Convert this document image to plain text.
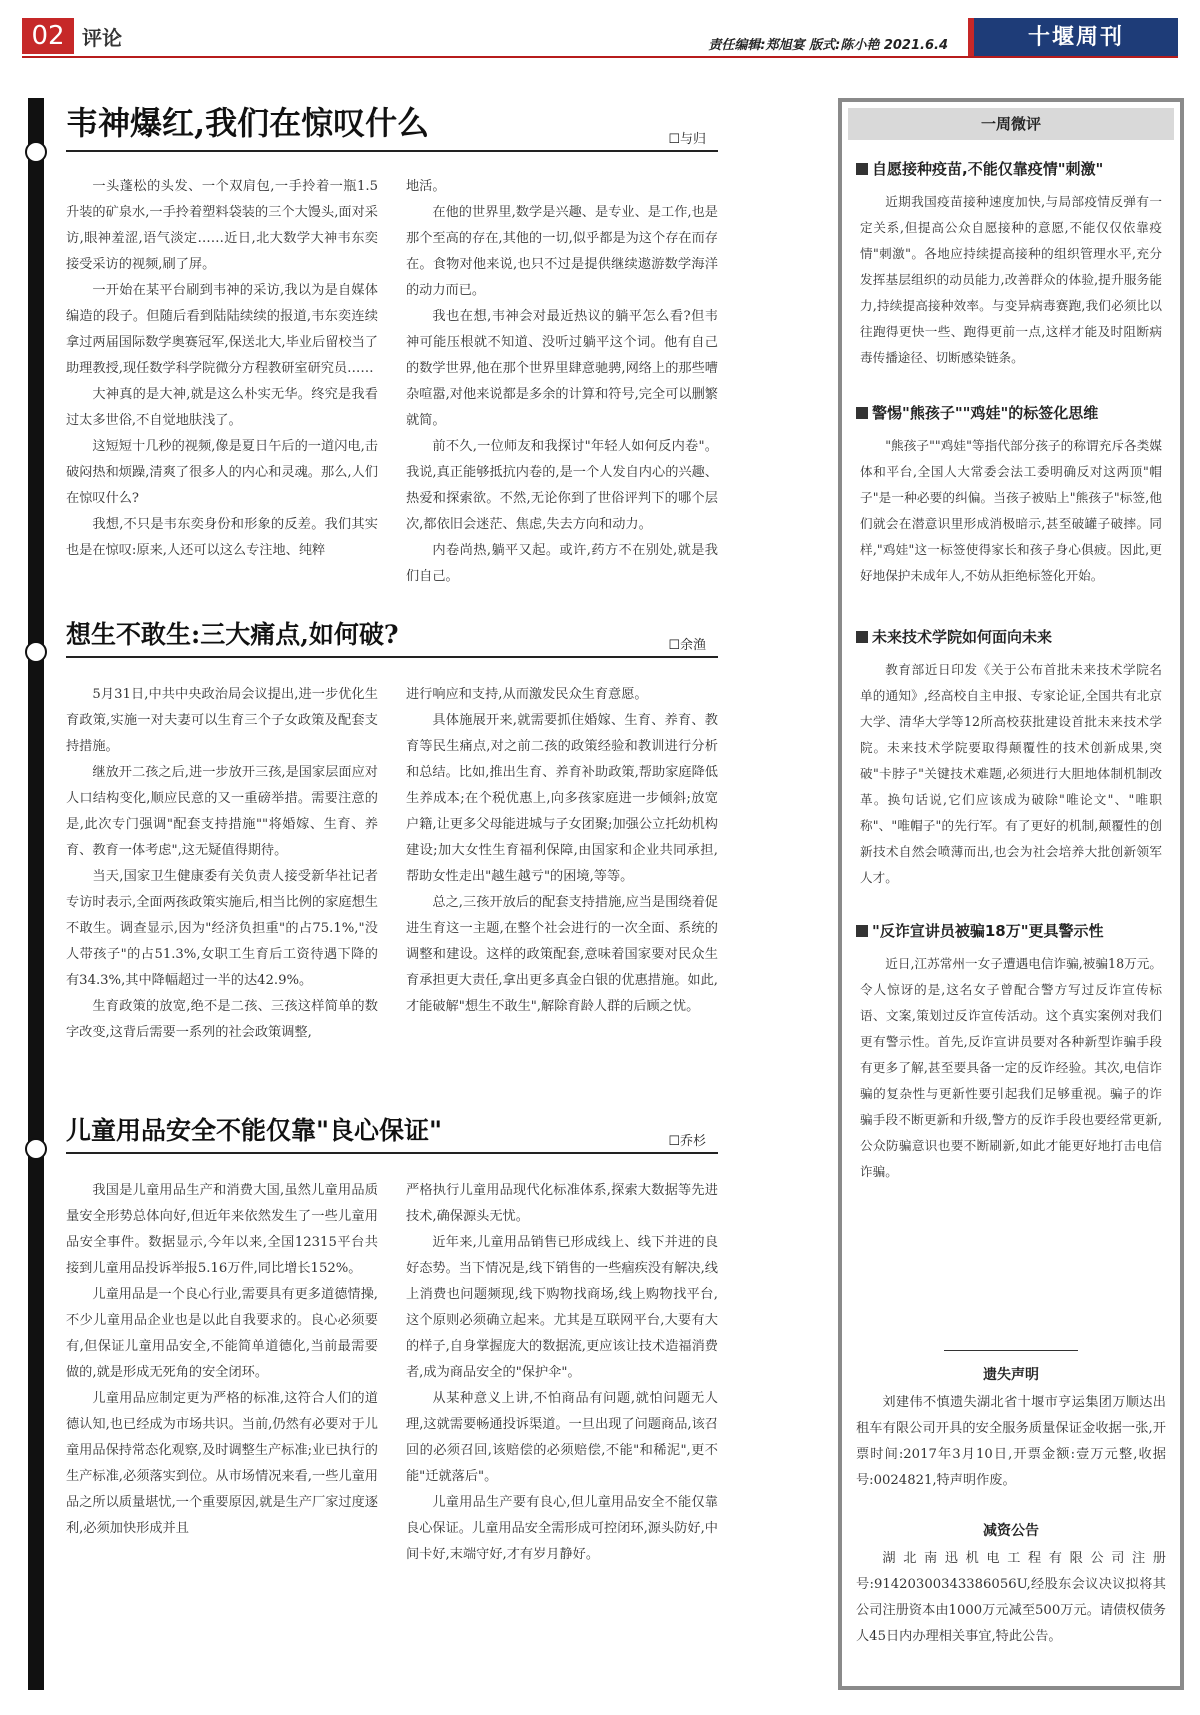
02 评论	责任编辑:郑旭宴 版式:陈小艳 2021.6.4	十堰周刊
韦神爆红,我们在惊叹什么	☐与归

一头蓬松的头发、一个双肩包,一手拎着一瓶1.5升装的矿泉水,一手拎着塑料袋装的三个大馒头,面对采访,眼神羞涩,语气淡定……近日,北大数学大神韦东奕接受采访的视频,刷了屏。

一开始在某平台刷到韦神的采访,我以为是自媒体编造的段子。但随后看到陆陆续续的报道,韦东奕连续拿过两届国际数学奥赛冠军,保送北大,毕业后留校当了助理教授,现任数学科学院微分方程教研室研究员……

大神真的是大神,就是这么朴实无华。终究是我看过太多世俗,不自觉地肤浅了。

这短短十几秒的视频,像是夏日午后的一道闪电,击破闷热和烦躁,清爽了很多人的内心和灵魂。那么,人们在惊叹什么?

我想,不只是韦东奕身份和形象的反差。我们其实也是在惊叹:原来,人还可以这么专注地、纯粹

地活。

在他的世界里,数学是兴趣、是专业、是工作,也是那个至高的存在,其他的一切,似乎都是为这个存在而存在。食物对他来说,也只不过是提供继续遨游数学海洋的动力而已。

我也在想,韦神会对最近热议的躺平怎么看?但韦神可能压根就不知道、没听过躺平这个词。他有自己的数学世界,他在那个世界里肆意驰骋,网络上的那些嘈杂喧嚣,对他来说都是多余的计算和符号,完全可以删繁就简。

前不久,一位师友和我探讨"年轻人如何反内卷"。我说,真正能够抵抗内卷的,是一个人发自内心的兴趣、热爱和探索欲。不然,无论你到了世俗评判下的哪个层次,都依旧会迷茫、焦虑,失去方向和动力。

内卷尚热,躺平又起。或许,药方不在别处,就是我们自己。

想生不敢生:三大痛点,如何破?	☐余渔

5月31日,中共中央政治局会议提出,进一步优化生育政策,实施一对夫妻可以生育三个子女政策及配套支持措施。

继放开二孩之后,进一步放开三孩,是国家层面应对人口结构变化,顺应民意的又一重磅举措。需要注意的是,此次专门强调"配套支持措施""将婚嫁、生育、养育、教育一体考虑",这无疑值得期待。

当天,国家卫生健康委有关负责人接受新华社记者专访时表示,全面两孩政策实施后,相当比例的家庭想生不敢生。调查显示,因为"经济负担重"的占75.1%,"没人带孩子"的占51.3%,女职工生育后工资待遇下降的有34.3%,其中降幅超过一半的达42.9%。

生育政策的放宽,绝不是二孩、三孩这样简单的数字改变,这背后需要一系列的社会政策调整,

进行响应和支持,从而激发民众生育意愿。

具体施展开来,就需要抓住婚嫁、生育、养育、教育等民生痛点,对之前二孩的政策经验和教训进行分析和总结。比如,推出生育、养育补助政策,帮助家庭降低生养成本;在个税优惠上,向多孩家庭进一步倾斜;放宽户籍,让更多父母能进城与子女团聚;加强公立托幼机构建设;加大女性生育福利保障,由国家和企业共同承担,帮助女性走出"越生越亏"的困境,等等。

总之,三孩开放后的配套支持措施,应当是围绕着促进生育这一主题,在整个社会进行的一次全面、系统的调整和建设。这样的政策配套,意味着国家要对民众生育承担更大责任,拿出更多真金白银的优惠措施。如此,才能破解"想生不敢生",解除育龄人群的后顾之忧。

儿童用品安全不能仅靠"良心保证"	☐乔杉

我国是儿童用品生产和消费大国,虽然儿童用品质量安全形势总体向好,但近年来依然发生了一些儿童用品安全事件。数据显示,今年以来,全国12315平台共接到儿童用品投诉举报5.16万件,同比增长152%。

儿童用品是一个良心行业,需要具有更多道德情操,不少儿童用品企业也是以此自我要求的。良心必须要有,但保证儿童用品安全,不能简单道德化,当前最需要做的,就是形成无死角的安全闭环。

儿童用品应制定更为严格的标准,这符合人们的道德认知,也已经成为市场共识。当前,仍然有必要对于儿童用品保持常态化观察,及时调整生产标准;业已执行的生产标准,必须落实到位。从市场情况来看,一些儿童用品之所以质量堪忧,一个重要原因,就是生产厂家过度逐利,必须加快形成并且

严格执行儿童用品现代化标准体系,探索大数据等先进技术,确保源头无忧。

近年来,儿童用品销售已形成线上、线下并进的良好态势。当下情况是,线下销售的一些痼疾没有解决,线上消费也问题频现,线下购物找商场,线上购物找平台,这个原则必须确立起来。尤其是互联网平台,大要有大的样子,自身掌握庞大的数据流,更应该让技术造福消费者,成为商品安全的"保护伞"。

从某种意义上讲,不怕商品有问题,就怕问题无人理,这就需要畅通投诉渠道。一旦出现了问题商品,该召回的必须召回,该赔偿的必须赔偿,不能"和稀泥",更不能"迁就落后"。

儿童用品生产要有良心,但儿童用品安全不能仅靠良心保证。儿童用品安全需形成可控闭环,源头防好,中间卡好,末端守好,才有岁月静好。

一周微评
自愿接种疫苗,不能仅靠疫情"刺激"

近期我国疫苗接种速度加快,与局部疫情反弹有一定关系,但提高公众自愿接种的意愿,不能仅仅依靠疫情"刺激"。各地应持续提高接种的组织管理水平,充分发挥基层组织的动员能力,改善群众的体验,提升服务能力,持续提高接种效率。与变异病毒赛跑,我们必须比以往跑得更快一些、跑得更前一点,这样才能及时阻断病毒传播途径、切断感染链条。

警惕"熊孩子""鸡娃"的标签化思维

"熊孩子""鸡娃"等指代部分孩子的称谓充斥各类媒体和平台,全国人大常委会法工委明确反对这两顶"帽子"是一种必要的纠偏。当孩子被贴上"熊孩子"标签,他们就会在潜意识里形成消极暗示,甚至破罐子破摔。同样,"鸡娃"这一标签使得家长和孩子身心俱疲。因此,更好地保护未成年人,不妨从拒绝标签化开始。

未来技术学院如何面向未来

教育部近日印发《关于公布首批未来技术学院名单的通知》,经高校自主申报、专家论证,全国共有北京大学、清华大学等12所高校获批建设首批未来技术学院。未来技术学院要取得颠覆性的技术创新成果,突破"卡脖子"关键技术难题,必须进行大胆地体制机制改革。换句话说,它们应该成为破除"唯论文"、"唯职称"、"唯帽子"的先行军。有了更好的机制,颠覆性的创新技术自然会喷薄而出,也会为社会培养大批创新领军人才。

"反诈宣讲员被骗18万"更具警示性

近日,江苏常州一女子遭遇电信诈骗,被骗18万元。令人惊讶的是,这名女子曾配合警方写过反诈宣传标语、文案,策划过反诈宣传活动。这个真实案例对我们更有警示性。首先,反诈宣讲员要对各种新型诈骗手段有更多了解,甚至要具备一定的反诈经验。其次,电信诈骗的复杂性与更新性要引起我们足够重视。骗子的诈骗手段不断更新和升级,警方的反诈手段也要经常更新,公众防骗意识也要不断刷新,如此才能更好地打击电信诈骗。

遗失声明

刘建伟不慎遗失湖北省十堰市亨运集团万顺达出租车有限公司开具的安全服务质量保证金收据一张,开票时间:2017年3月10日,开票金额:壹万元整,收据号:0024821,特声明作废。

减资公告

湖北南迅机电工程有限公司注册号:91420300343386056U,经股东会议决议拟将其公司注册资本由1000万元减至500万元。请债权债务人45日内办理相关事宜,特此公告。
